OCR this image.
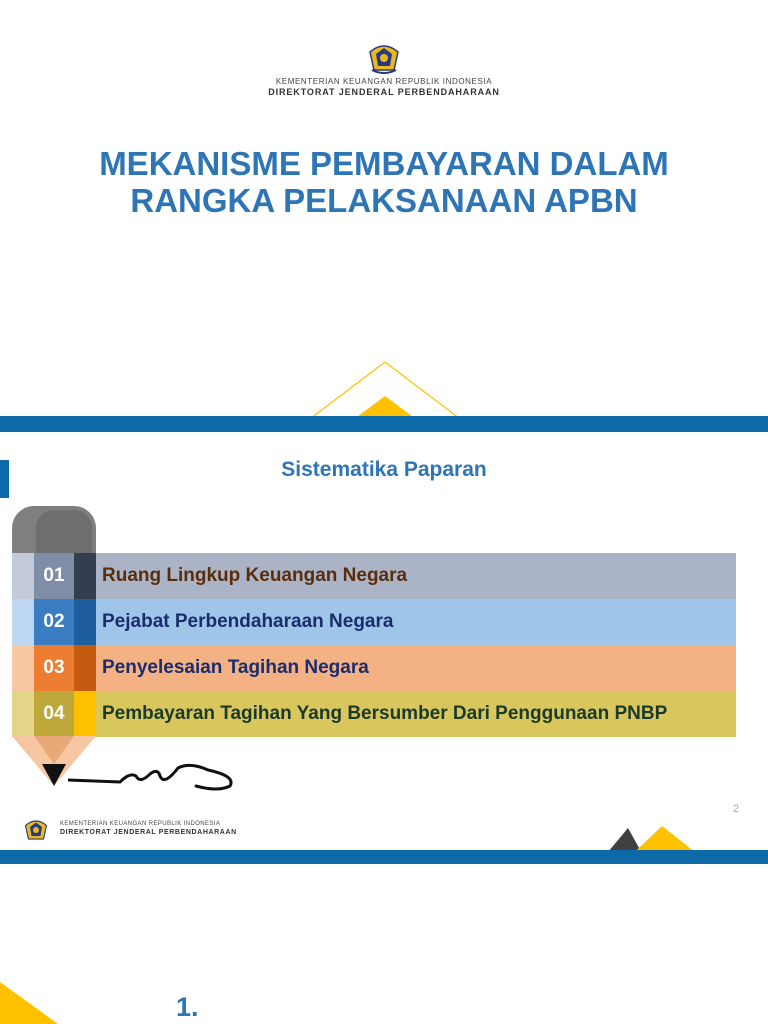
KEMENTERIAN KEUANGAN REPUBLIK INDONESIA
DIREKTORAT JENDERAL PERBENDAHARAAN
MEKANISME PEMBAYARAN DALAM
RANGKA PELAKSANAAN APBN
Sistematika Paparan
01	Ruang Lingkup Keuangan Negara
02	Pejabat Perbendaharaan Negara
03	Penyelesaian Tagihan Negara
04	Pembayaran Tagihan Yang Bersumber Dari Penggunaan PNBP
KEMENTERIAN KEUANGAN REPUBLIK INDONESIA
DIREKTORAT JENDERAL PERBENDAHARAAN
2
1.
